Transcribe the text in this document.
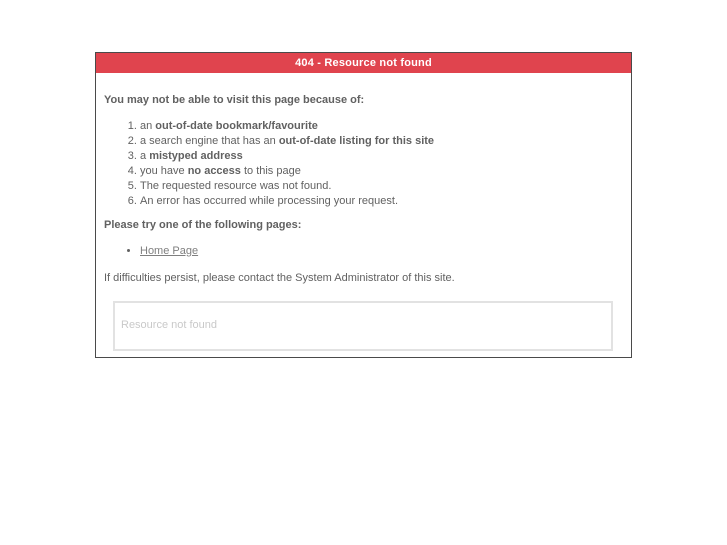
404 - Resource not found

You may not be able to visit this page because of:

1. an out-of-date bookmark/favourite
2. a search engine that has an out-of-date listing for this site
3. a mistyped address
4. you have no access to this page
5. The requested resource was not found.
6. An error has occurred while processing your request.

Please try one of the following pages:

• Home Page

If difficulties persist, please contact the System Administrator of this site.

Resource not found
